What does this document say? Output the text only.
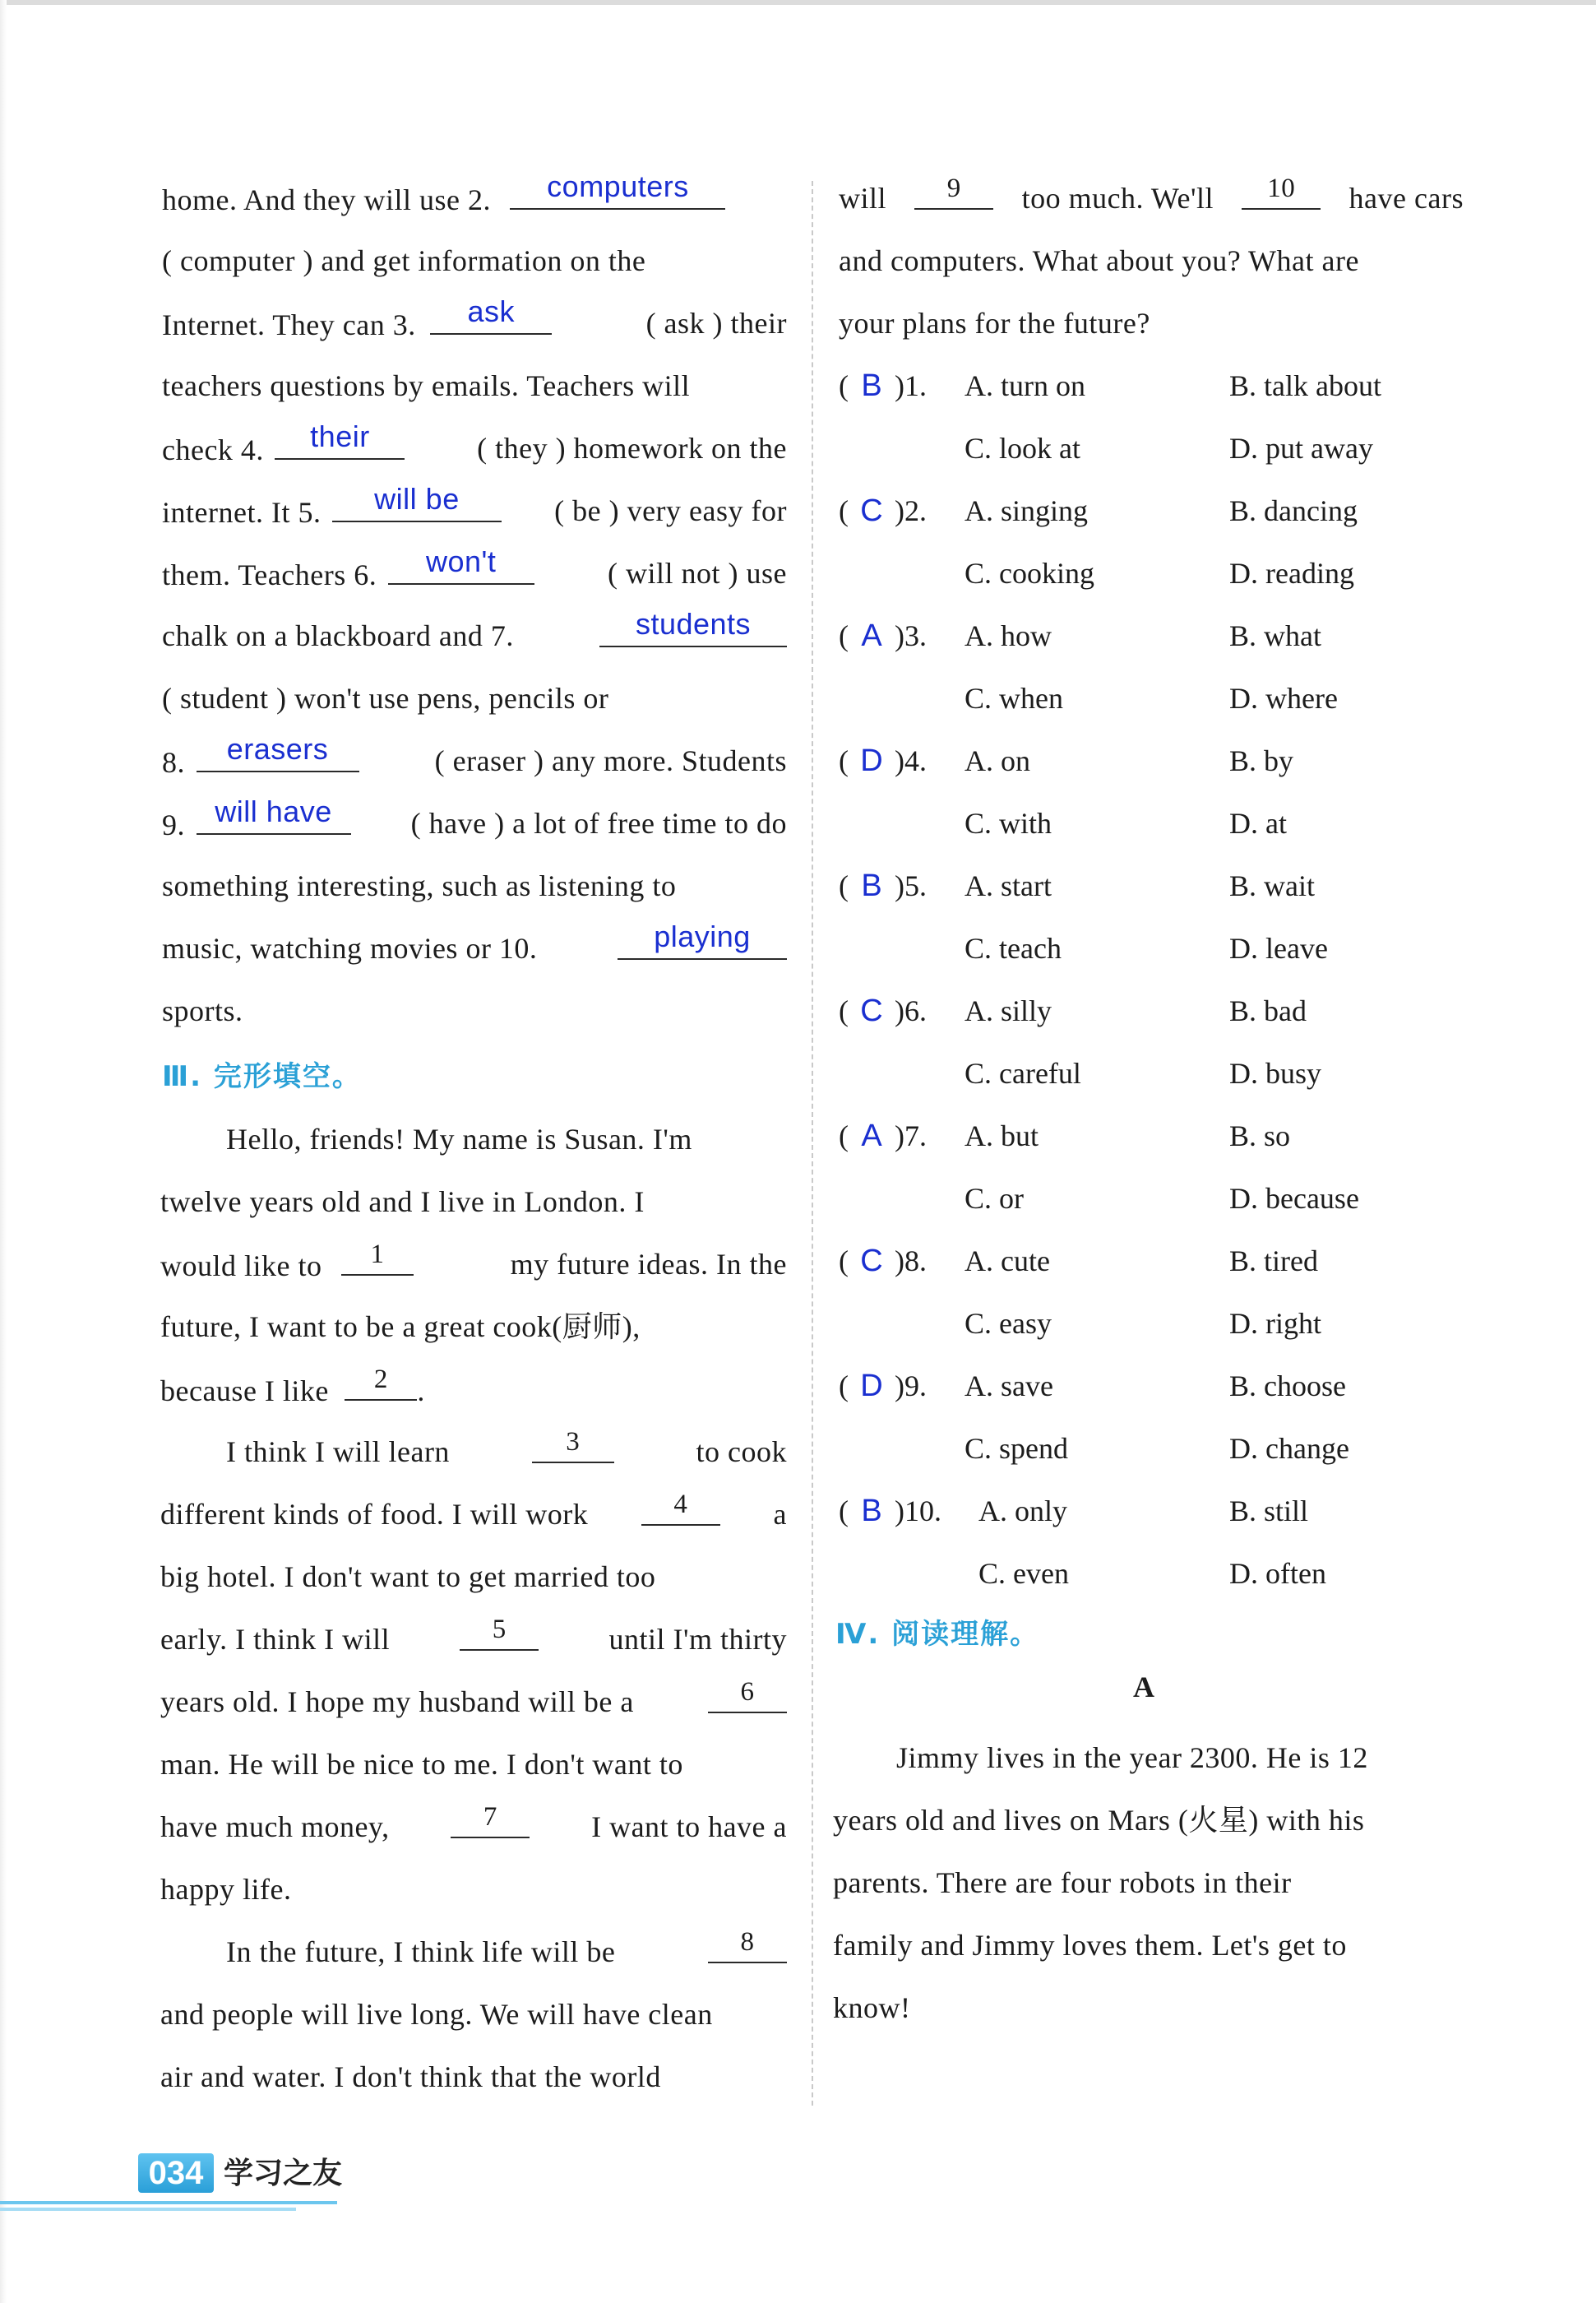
home. And they will use 2.	computers
( computer ) and get information on the
Internet. They can 3.	ask	( ask ) their
teachers questions by emails. Teachers will
check 4.	their	( they ) homework on the
internet. It 5.	will be	( be ) very easy for
them. Teachers 6.	won't	( will not ) use
chalk on a blackboard and 7.	students
( student ) won't use pens, pencils or
8.	erasers	( eraser ) any more. Students
9.	will have	( have ) a lot of free time to do
something interesting, such as listening to
music, watching movies or 10.	playing
sports.
Ⅲ. 完形填空。
Hello, friends! My name is Susan. I'm
twelve years old and I live in London. I
would like to	1	my future ideas. In the
future, I want to be a great cook(厨师),
because I like	2 .
I think I will learn	3	to cook
different kinds of food. I will work	4	a
big hotel. I don't want to get married too
early. I think I will	5	until I'm thirty
years old. I hope my husband will be a	6
man. He will be nice to me. I don't want to
have much money,	7	I want to have a
happy life.
In the future, I think life will be	8
and people will live long. We will have clean
air and water. I don't think that the world
will	9	too much. We'll	10	have cars
and computers. What about you? What are
your plans for the future?
( B )1. A. turn on	B. talk about
C. look at	D. put away
( C )2. A. singing	B. dancing
C. cooking	D. reading
( A )3. A. how	B. what
C. when	D. where
( D )4. A. on	B. by
C. with	D. at
( B )5. A. start	B. wait
C. teach	D. leave
( C )6. A. silly	B. bad
C. careful	D. busy
( A )7. A. but	B. so
C. or	D. because
( C )8. A. cute	B. tired
C. easy	D. right
( D )9. A. save	B. choose
C. spend	D. change
( B )10. A. only	B. still
C. even	D. often
Ⅳ. 阅读理解。
A
Jimmy lives in the year 2300. He is 12
years old and lives on Mars (火星) with his
parents. There are four robots in their
family and Jimmy loves them. Let's get to
know!
034 学习之友
